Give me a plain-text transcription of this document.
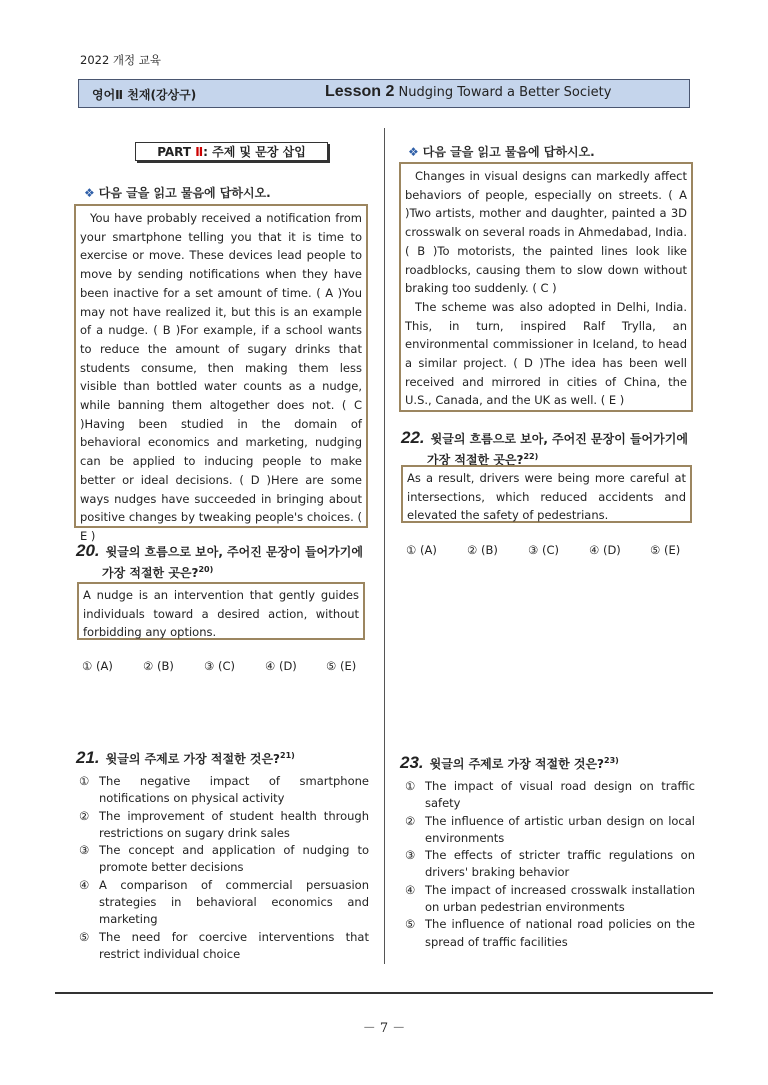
2022 개정 교육
영어Ⅱ 천재(강상구)	Lesson 2 Nudging Toward a Better Society
PART Ⅱ: 주제 및 문장 삽입
❖ 다음 글을 읽고 물음에 답하시오.
You have probably received a notification from your smartphone telling you that it is time to exercise or move. These devices lead people to move by sending notifications when they have been inactive for a set amount of time. ( A )You may not have realized it, but this is an example of a nudge. ( B )For example, if a school wants to reduce the amount of sugary drinks that students consume, then making them less visible than bottled water counts as a nudge, while banning them altogether does not. ( C )Having been studied in the domain of behavioral economics and marketing, nudging can be applied to inducing people to make better or ideal decisions. ( D )Here are some ways nudges have succeeded in bringing about positive changes by tweaking people's choices. ( E )
20. 윗글의 흐름으로 보아, 주어진 문장이 들어가기에
가장 적절한 곳은?$^{20)}$
A nudge is an intervention that gently guides individuals toward a desired action, without forbidding any options.
① (A)	② (B)	③ (C)	④ (D)	⑤ (E)
21. 윗글의 주제로 가장 적절한 것은?$^{21)}$
① The negative impact of smartphone notifications on physical activity
② The improvement of student health through restrictions on sugary drink sales
③ The concept and application of nudging to promote better decisions
④ A comparison of commercial persuasion strategies in behavioral economics and marketing
⑤ The need for coercive interventions that restrict individual choice
❖ 다음 글을 읽고 물음에 답하시오.
Changes in visual designs can markedly affect behaviors of people, especially on streets. ( A )Two artists, mother and daughter, painted a 3D crosswalk on several roads in Ahmedabad, India. ( B )To motorists, the painted lines look like roadblocks, causing them to slow down without braking too suddenly. ( C )
The scheme was also adopted in Delhi, India. This, in turn, inspired Ralf Trylla, an environmental commissioner in Iceland, to head a similar project. ( D )The idea has been well received and mirrored in cities of China, the U.S., Canada, and the UK as well. ( E )
22. 윗글의 흐름으로 보아, 주어진 문장이 들어가기에
가장 적절한 곳은?$^{22)}$
As a result, drivers were being more careful at intersections, which reduced accidents and elevated the safety of pedestrians.
① (A)	② (B)	③ (C)	④ (D)	⑤ (E)
23. 윗글의 주제로 가장 적절한 것은?$^{23)}$
① The impact of visual road design on traffic safety
② The influence of artistic urban design on local environments
③ The effects of stricter traffic regulations on drivers' braking behavior
④ The impact of increased crosswalk installation on urban pedestrian environments
⑤ The influence of national road policies on the spread of traffic facilities
－ 7 －
